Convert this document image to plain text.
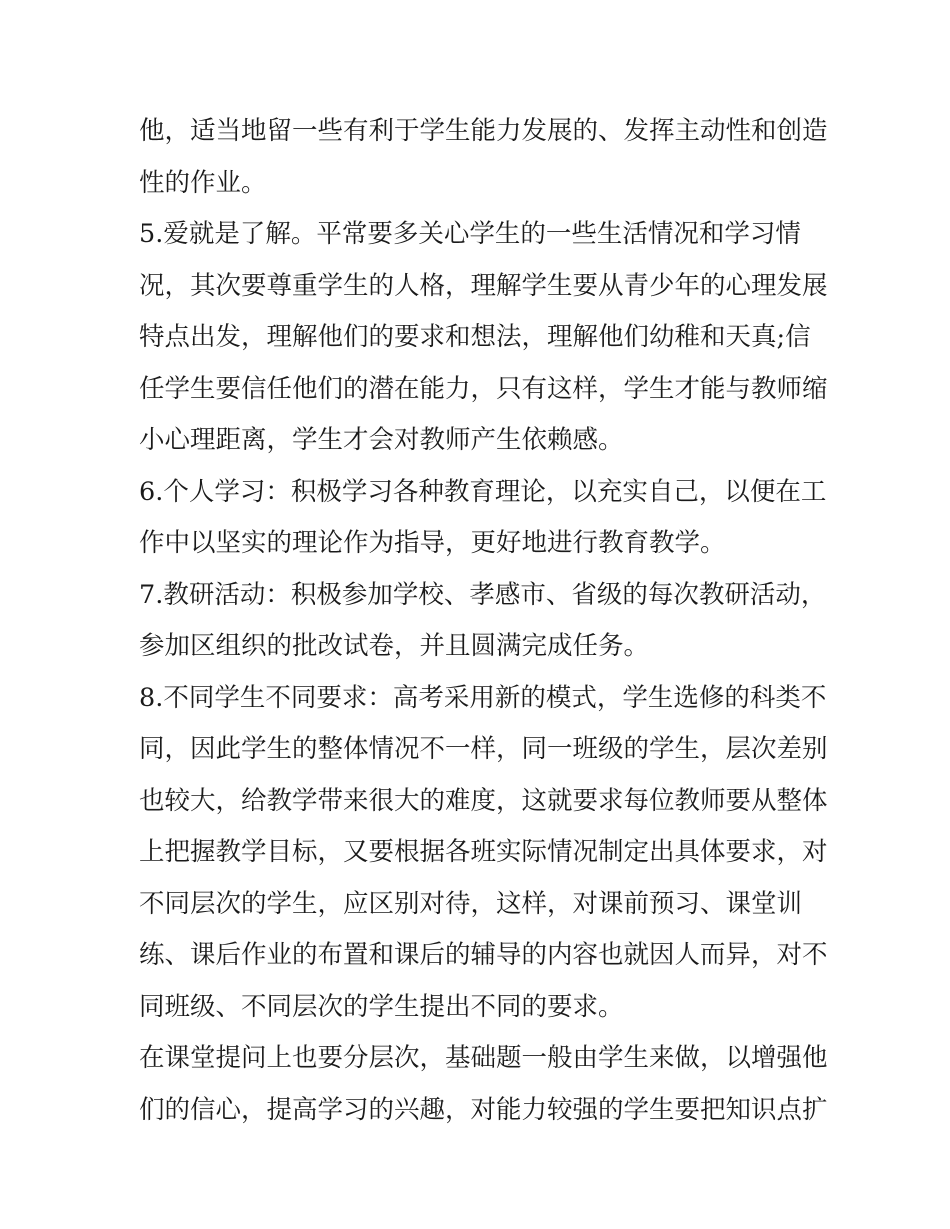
他，适当地留一些有利于学生能力发展的、发挥主动性和创造
性的作业。
5.爱就是了解。平常要多关心学生的一些生活情况和学习情
况，其次要尊重学生的人格，理解学生要从青少年的心理发展
特点出发，理解他们的要求和想法，理解他们幼稚和天真;信
任学生要信任他们的潜在能力，只有这样，学生才能与教师缩
小心理距离，学生才会对教师产生依赖感。
6.个人学习：积极学习各种教育理论，以充实自己，以便在工
作中以坚实的理论作为指导，更好地进行教育教学。
7.教研活动：积极参加学校、孝感市、省级的每次教研活动，
参加区组织的批改试卷，并且圆满完成任务。
8.不同学生不同要求：高考采用新的模式，学生选修的科类不
同，因此学生的整体情况不一样，同一班级的学生，层次差别
也较大，给教学带来很大的难度，这就要求每位教师要从整体
上把握教学目标，又要根据各班实际情况制定出具体要求，对
不同层次的学生，应区别对待，这样，对课前预习、课堂训
练、课后作业的布置和课后的辅导的内容也就因人而异，对不
同班级、不同层次的学生提出不同的要求。
在课堂提问上也要分层次，基础题一般由学生来做，以增强他
们的信心，提高学习的兴趣，对能力较强的学生要把知识点扩
